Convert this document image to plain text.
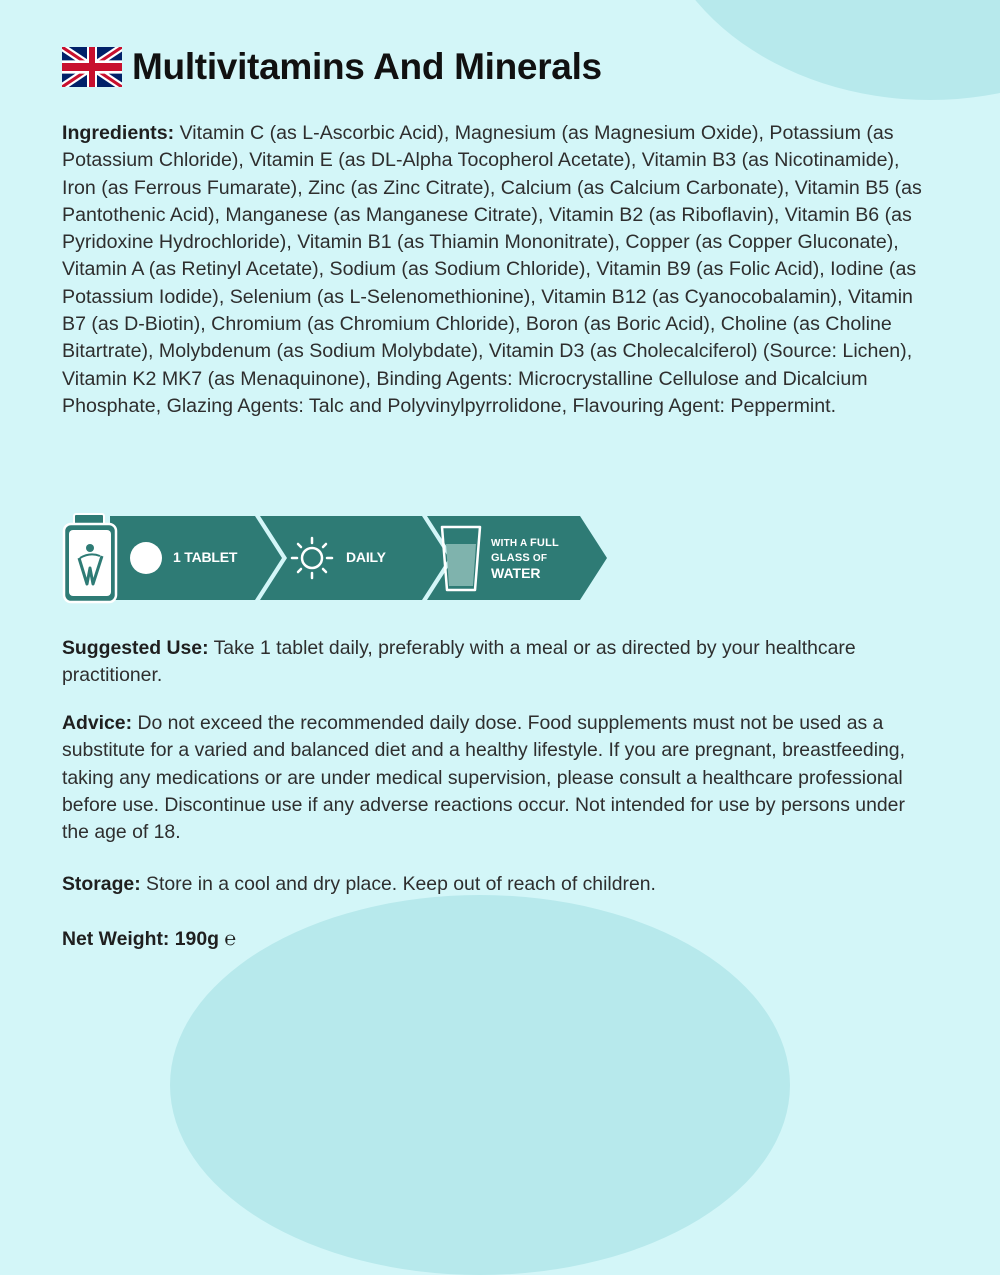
Multivitamins And Minerals

Ingredients: Vitamin C (as L-Ascorbic Acid), Magnesium (as Magnesium Oxide), Potassium (as Potassium Chloride), Vitamin E (as DL-Alpha Tocopherol Acetate), Vitamin B3 (as Nicotinamide), Iron (as Ferrous Fumarate), Zinc (as Zinc Citrate), Calcium (as Calcium Carbonate), Vitamin B5 (as Pantothenic Acid), Manganese (as Manganese Citrate), Vitamin B2 (as Riboflavin), Vitamin B6 (as Pyridoxine Hydrochloride), Vitamin B1 (as Thiamin Mononitrate), Copper (as Copper Gluconate), Vitamin A (as Retinyl Acetate), Sodium (as Sodium Chloride), Vitamin B9 (as Folic Acid), Iodine (as Potassium Iodide), Selenium (as L-Selenomethionine), Vitamin B12 (as Cyanocobalamin), Vitamin B7 (as D-Biotin), Chromium (as Chromium Chloride), Boron (as Boric Acid), Choline (as Choline Bitartrate), Molybdenum (as Sodium Molybdate), Vitamin D3 (as Cholecalciferol) (Source: Lichen), Vitamin K2 MK7 (as Menaquinone), Binding Agents: Microcrystalline Cellulose and Dicalcium Phosphate, Glazing Agents: Talc and Polyvinylpyrrolidone, Flavouring Agent: Peppermint.

1 TABLET	DAILY
WITH A FULL
GLASS OF
WATER

Suggested Use: Take 1 tablet daily, preferably with a meal or as directed by your healthcare practitioner.

Advice: Do not exceed the recommended daily dose. Food supplements must not be used as a substitute for a varied and balanced diet and a healthy lifestyle. If you are pregnant, breastfeeding, taking any medications or are under medical supervision, please consult a healthcare professional before use. Discontinue use if any adverse reactions occur. Not intended for use by persons under the age of 18.

Storage: Store in a cool and dry place. Keep out of reach of children.

Net Weight: 190g ℮
